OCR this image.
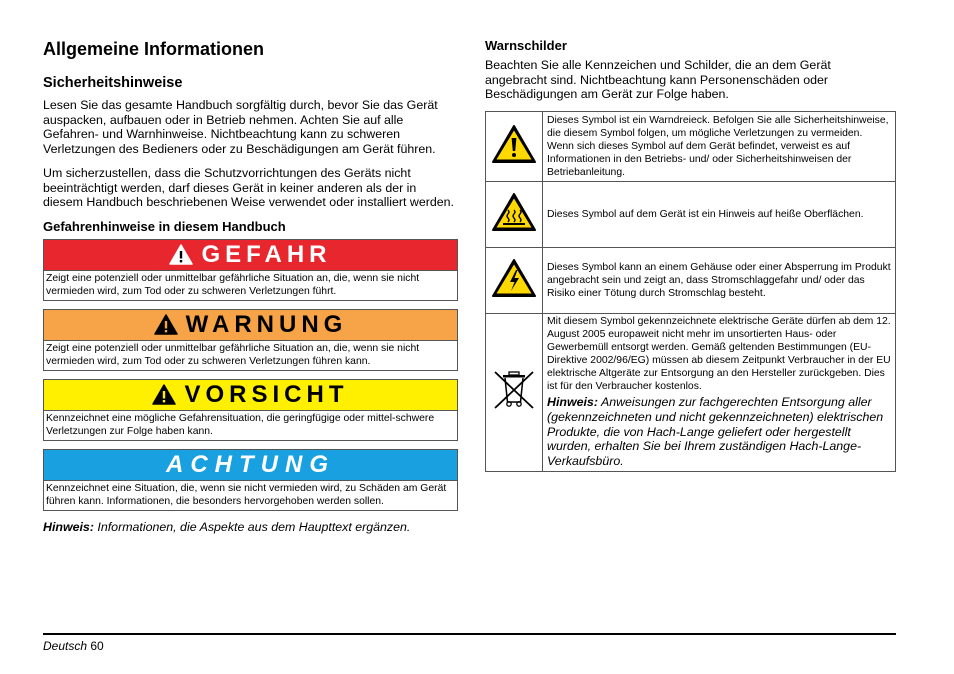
Allgemeine Informationen
Sicherheitshinweise

Lesen Sie das gesamte Handbuch sorgfältig durch, bevor Sie das Gerät auspacken, aufbauen oder in Betrieb nehmen. Achten Sie auf alle Gefahren- und Warnhinweise. Nichtbeachtung kann zu schweren Verletzungen des Bedieners oder zu Beschädigungen am Gerät führen.

Um sicherzustellen, dass die Schutzvorrichtungen des Geräts nicht beeinträchtigt werden, darf dieses Gerät in keiner anderen als der in diesem Handbuch beschriebenen Weise verwendet oder installiert werden.

Gefahrenhinweise in diesem Handbuch
GEFAHR
Zeigt eine potenziell oder unmittelbar gefährliche Situation an, die, wenn sie nicht vermieden wird, zum Tod oder zu schweren Verletzungen führt.
WARNUNG
Zeigt eine potenziell oder unmittelbar gefährliche Situation an, die, wenn sie nicht vermieden wird, zum Tod oder zu schweren Verletzungen führen kann.
VORSICHT
Kennzeichnet eine mögliche Gefahrensituation, die geringfügige oder mittel-schwere Verletzungen zur Folge haben kann.
ACHTUNG
Kennzeichnet eine Situation, die, wenn sie nicht vermieden wird, zu Schäden am Gerät führen kann. Informationen, die besonders hervorgehoben werden sollen.
Hinweis: Informationen, die Aspekte aus dem Haupttext ergänzen.
Warnschilder

Beachten Sie alle Kennzeichen und Schilder, die an dem Gerät angebracht sind. Nichtbeachtung kann Personenschäden oder Beschädigungen am Gerät zur Folge haben.

	Dieses Symbol ist ein Warndreieck. Befolgen Sie alle Sicherheitshinweise, die diesem Symbol folgen, um mögliche Verletzungen zu vermeiden. Wenn sich dieses Symbol auf dem Gerät befindet, verweist es auf Informationen in den Betriebs- und/ oder Sicherheitshinweisen der Betriebanleitung.
	Dieses Symbol auf dem Gerät ist ein Hinweis auf heiße Oberflächen.
	Dieses Symbol kann an einem Gehäuse oder einer Absperrung im Produkt angebracht sein und zeigt an, dass Stromschlaggefahr und/ oder das Risiko einer Tötung durch Stromschlag besteht.

Mit diesem Symbol gekennzeichnete elektrische Geräte dürfen ab dem 12. August 2005 europaweit nicht mehr im unsortierten Haus- oder Gewerbemüll entsorgt werden. Gemäß geltenden Bestimmungen (EU-Direktive 2002/96/EG) müssen ab diesem Zeitpunkt Verbraucher in der EU elektrische Altgeräte zur Entsorgung an den Hersteller zurückgeben. Dies ist für den Verbraucher kostenlos.
Hinweis: Anweisungen zur fachgerechten Entsorgung aller (gekennzeichneten und nicht gekennzeichneten) elektrischen Produkte, die von Hach-Lange geliefert oder hergestellt wurden, erhalten Sie bei Ihrem zuständigen Hach-Lange-Verkaufsbüro.
Deutsch 60
